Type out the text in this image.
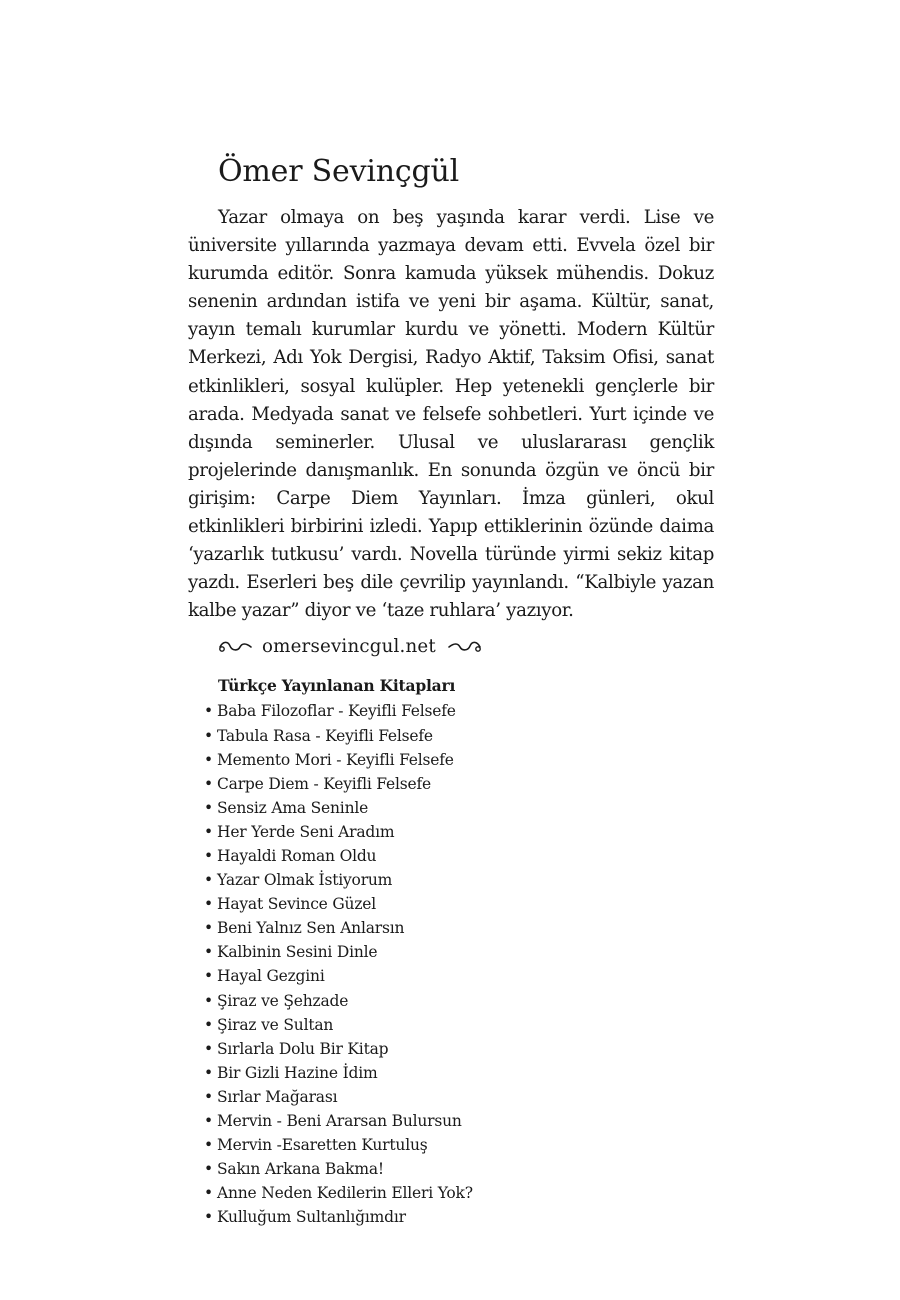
Ömer Sevinçgül

Yazar olmaya on beş yaşında karar verdi. Lise ve üniversite yıllarında yazmaya devam etti. Evvela özel bir kurumda editör. Sonra kamuda yüksek mühendis. Dokuz senenin ardından istifa ve yeni bir aşama. Kültür, sanat, yayın temalı kurumlar kurdu ve yönetti. Modern Kültür Merkezi, Adı Yok Dergisi, Radyo Aktif, Taksim Ofisi, sanat etkinlikleri, sosyal kulüpler. Hep yetenekli gençlerle bir arada. Medyada sanat ve felsefe sohbetleri. Yurt içinde ve dışında seminerler. Ulusal ve uluslararası gençlik projelerinde danışmanlık. En sonunda özgün ve öncü bir girişim: Carpe Diem Yayınları. İmza günleri, okul etkinlikleri birbirini izledi. Yapıp ettiklerinin özünde daima ‘yazarlık tutkusu’ vardı. Novella türünde yirmi sekiz kitap yazdı. Eserleri beş dile çevrilip yayınlandı. “Kalbiyle yazan kalbe yazar” diyor ve ‘taze ruhlara’ yazıyor.

omersevincgul.net
Türkçe Yayınlanan Kitapları
• Baba Filozoflar - Keyifli Felsefe
• Tabula Rasa - Keyifli Felsefe
• Memento Mori - Keyifli Felsefe
• Carpe Diem - Keyifli Felsefe
• Sensiz Ama Seninle
• Her Yerde Seni Aradım
• Hayaldi Roman Oldu
• Yazar Olmak İstiyorum
• Hayat Sevince Güzel
• Beni Yalnız Sen Anlarsın
• Kalbinin Sesini Dinle
• Hayal Gezgini
• Şiraz ve Şehzade
• Şiraz ve Sultan
• Sırlarla Dolu Bir Kitap
• Bir Gizli Hazine İdim
• Sırlar Mağarası
• Mervin - Beni Ararsan Bulursun
• Mervin -Esaretten Kurtuluş
• Sakın Arkana Bakma!
• Anne Neden Kedilerin Elleri Yok?
• Kulluğum Sultanlığımdır
